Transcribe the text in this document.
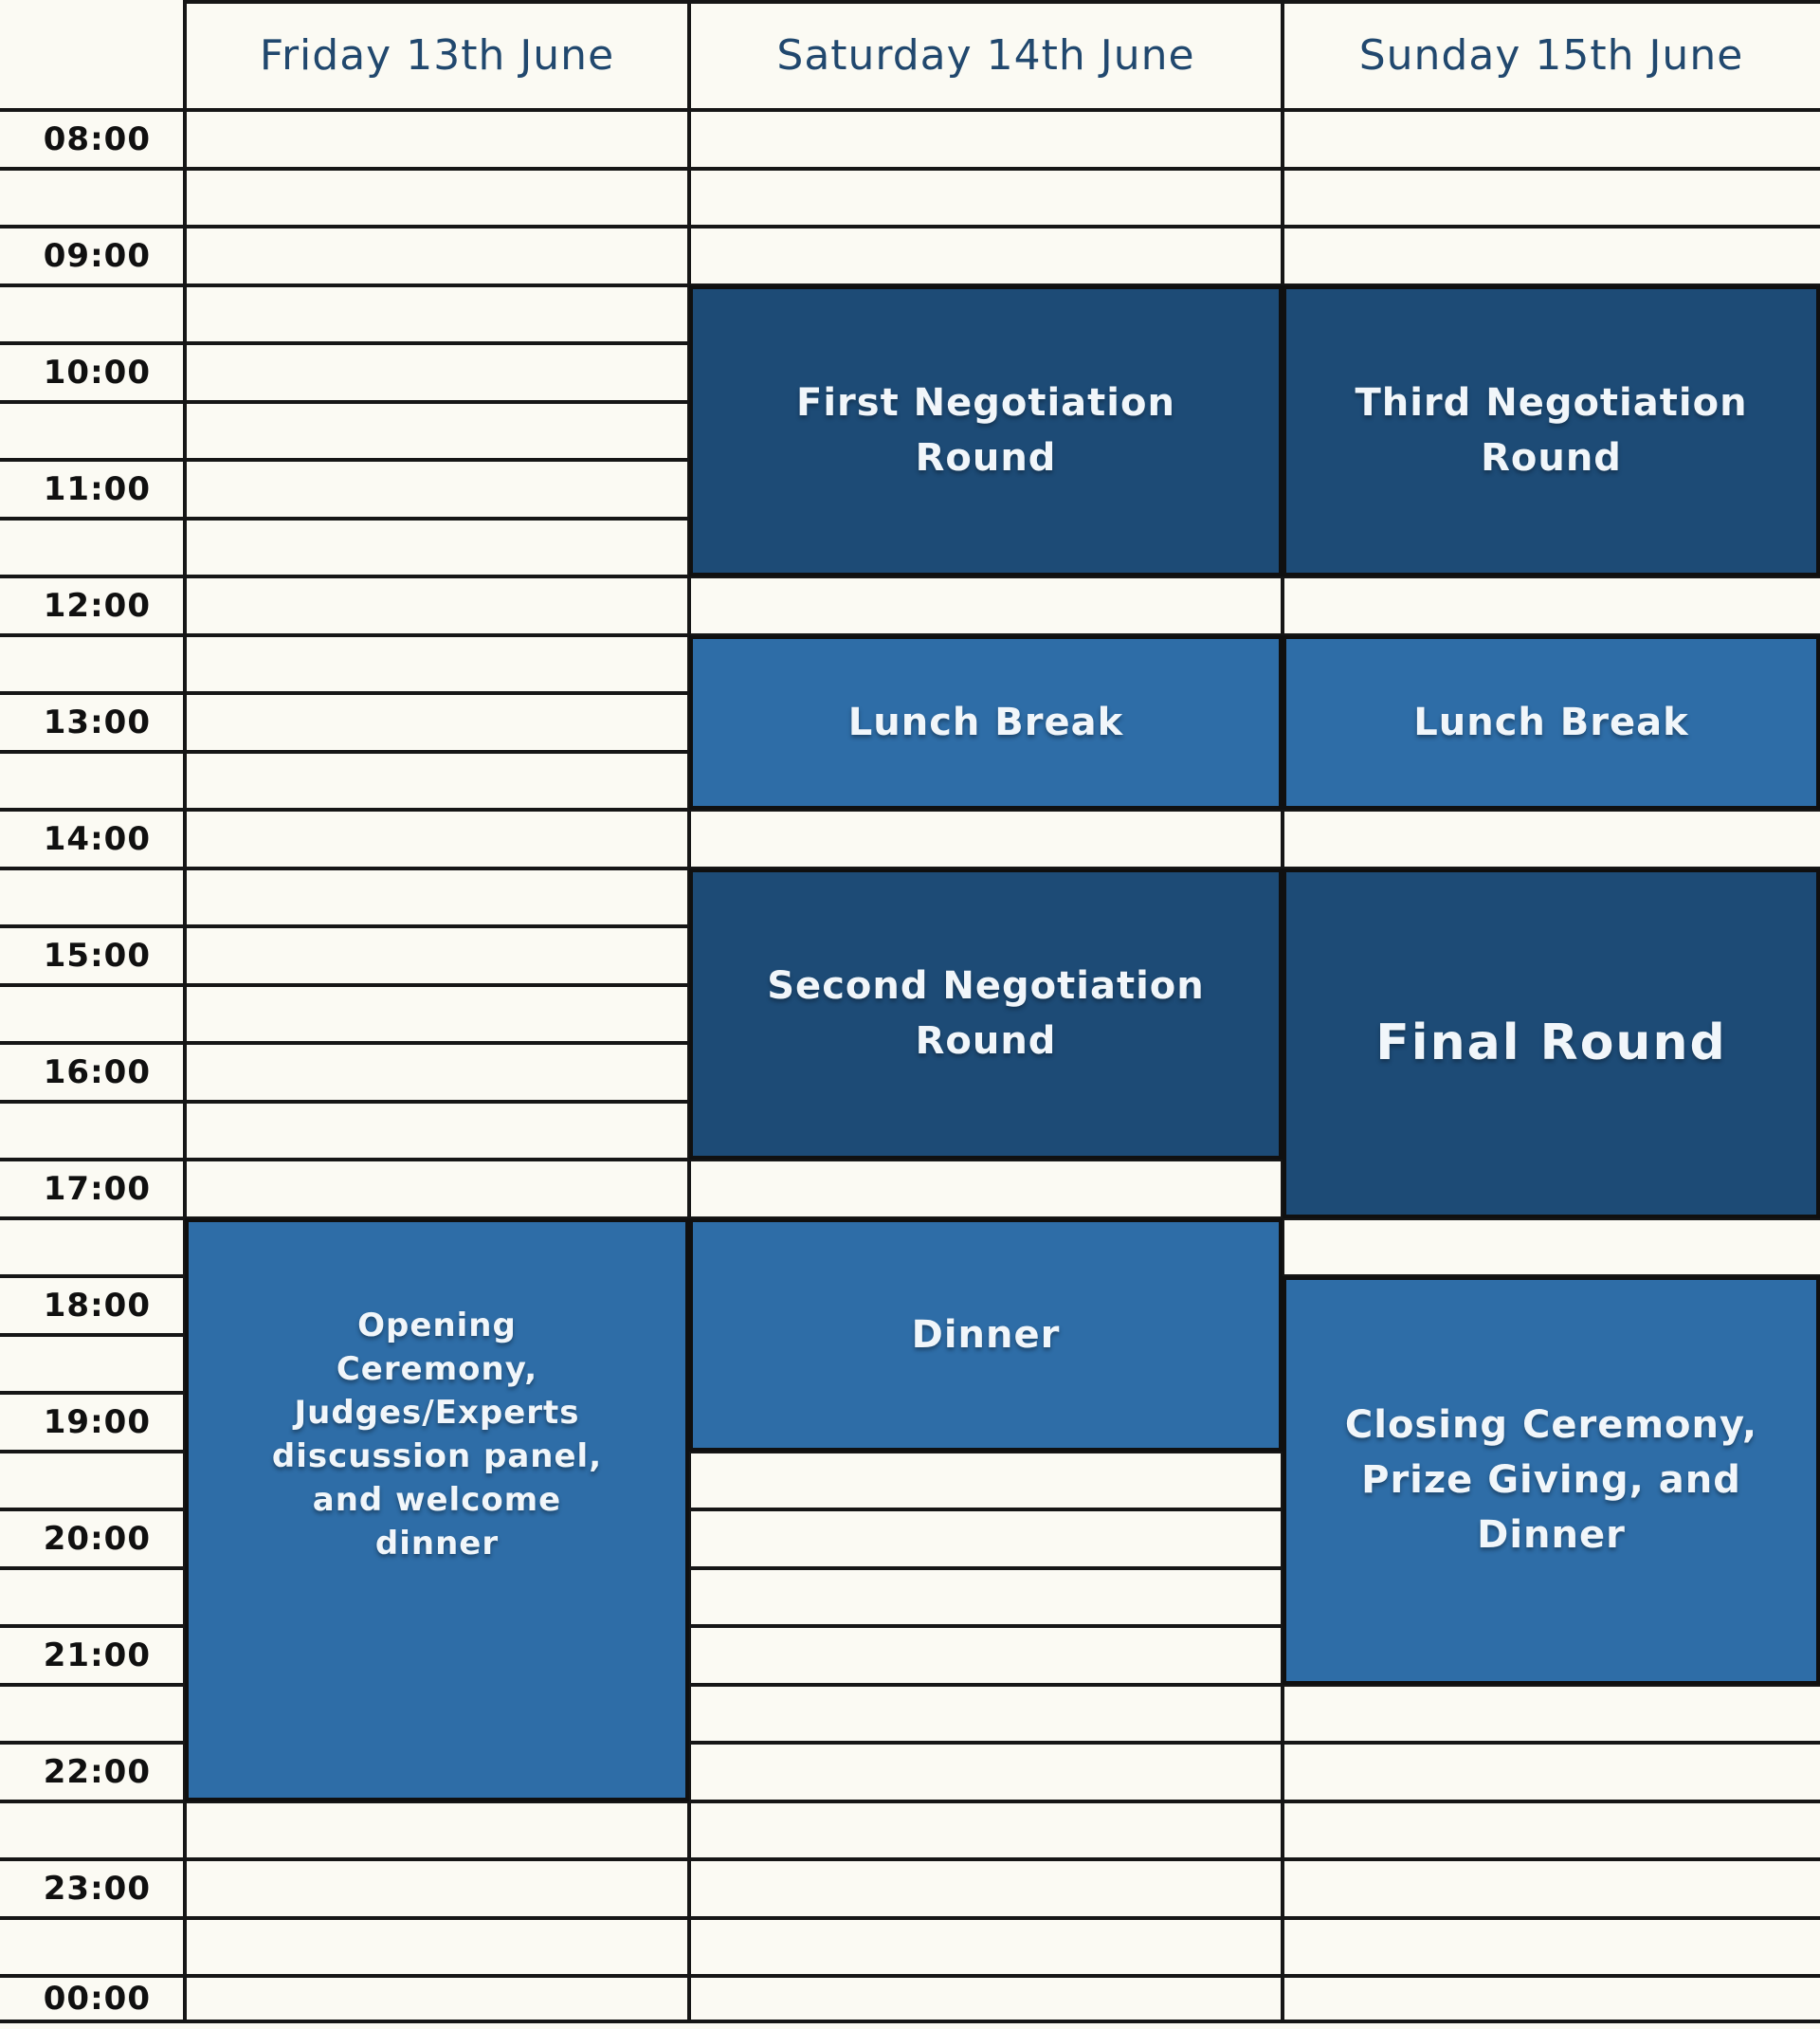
Friday 13th June	Saturday 14th June	Sunday 15th June
08:00
09:00
10:00
11:00
12:00
13:00
14:00
15:00
16:00
17:00
18:00
19:00
20:00
21:00
22:00
23:00
00:00
Opening
Ceremony,
Judges/Experts
discussion panel,
and welcome
dinner
First Negotiation
Round
Lunch Break
Second Negotiation
Round
Dinner
Third Negotiation
Round
Lunch Break
Final Round
Closing Ceremony,
Prize Giving, and
Dinner
